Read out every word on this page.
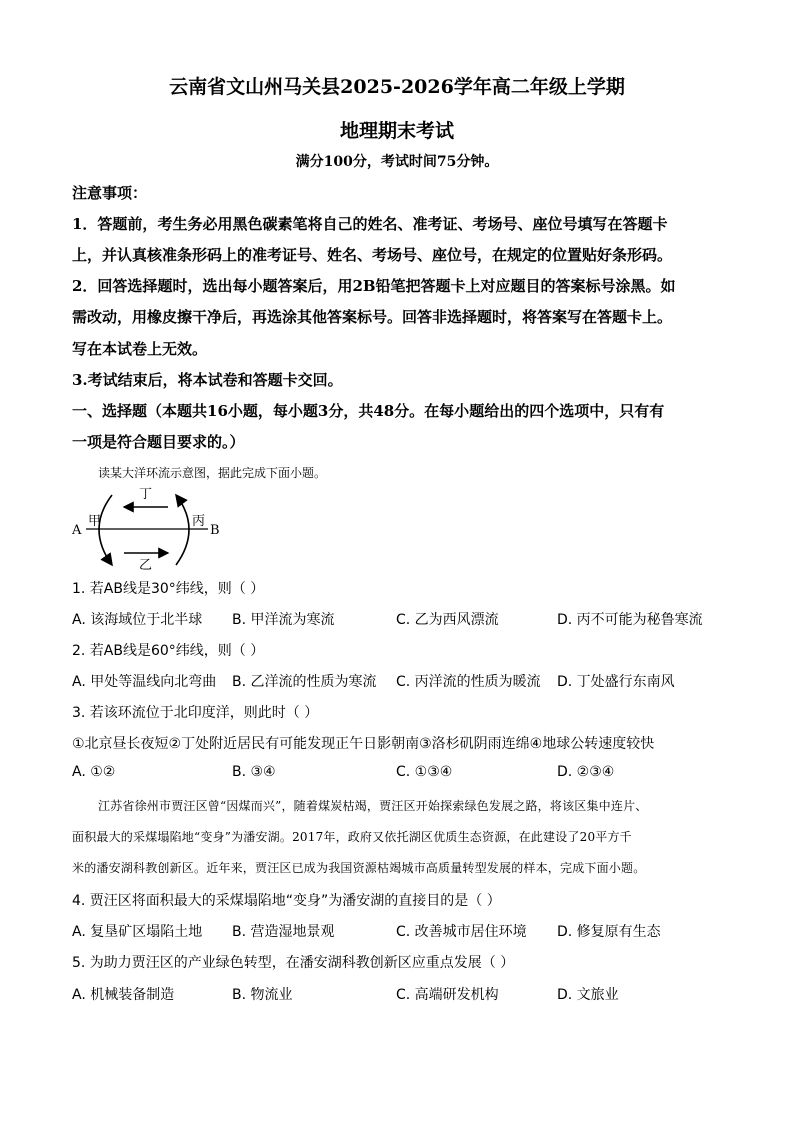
云南省文山州马关县2025-2026学年高二年级上学期
地理期末考试
满分100分，考试时间75分钟。
注意事项：
1．答题前，考生务必用黑色碳素笔将自己的姓名、准考证、考场号、座位号填写在答题卡
上，并认真核准条形码上的准考证号、姓名、考场号、座位号，在规定的位置贴好条形码。
2．回答选择题时，选出每小题答案后，用2B铅笔把答题卡上对应题目的答案标号涂黑。如
需改动，用橡皮擦干净后，再选涂其他答案标号。回答非选择题时，将答案写在答题卡上。
写在本试卷上无效。
3.考试结束后，将本试卷和答题卡交回。
一、选择题（本题共16小题，每小题3分，共48分。在每小题给出的四个选项中，只有有
一项是符合题目要求的。）
读某大洋环流示意图，据此完成下面小题。
A	B
甲	丙
丁
乙
1. 若AB线是30°纬线，则（ ）
A. 该海域位于北半球 B. 甲洋流为寒流	C. 乙为西风漂流	D. 丙不可能为秘鲁寒流
2. 若AB线是60°纬线，则（ ）
A. 甲处等温线向北弯曲 B. 乙洋流的性质为寒流 C. 丙洋流的性质为暖流 D. 丁处盛行东南风
3. 若该环流位于北印度洋，则此时（ ）
①北京昼长夜短②丁处附近居民有可能发现正午日影朝南③洛杉矶阴雨连绵④地球公转速度较快
A. ①②	B. ③④	C. ①③④	D. ②③④
江苏省徐州市贾汪区曾“因煤而兴”，随着煤炭枯竭，贾汪区开始探索绿色发展之路，将该区集中连片、
面积最大的采煤塌陷地“变身”为潘安湖。2017年，政府又依托湖区优质生态资源，在此建设了20平方千
米的潘安湖科教创新区。近年来，贾汪区已成为我国资源枯竭城市高质量转型发展的样本，完成下面小题。
4. 贾汪区将面积最大的采煤塌陷地“变身”为潘安湖的直接目的是（ ）
A. 复垦矿区塌陷土地 B. 营造湿地景观	C. 改善城市居住环境 D. 修复原有生态
5. 为助力贾汪区的产业绿色转型，在潘安湖科教创新区应重点发展（ ）
A. 机械装备制造	B. 物流业	C. 高端研发机构	D. 文旅业
